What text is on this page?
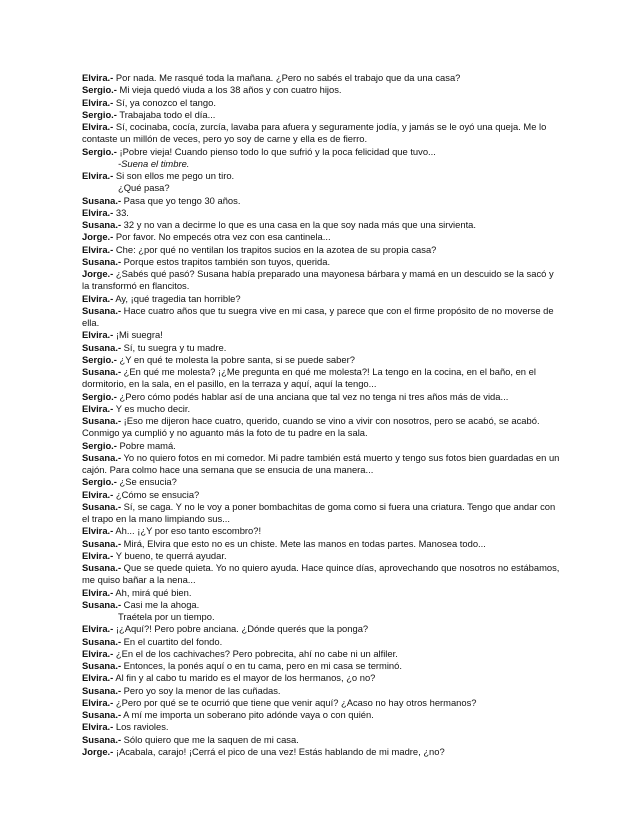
Elvira.- Por nada. Me rasqué toda la mañana. ¿Pero no sabés el trabajo que da una casa?

Sergio.- Mi vieja quedó viuda a los 38 años y con cuatro hijos.

Elvira.- Sí, ya conozco el tango.

Sergio.- Trabajaba todo el día...

Elvira.- Sí, cocinaba, cocía, zurcía, lavaba para afuera y seguramente jodía, y jamás se le oyó una queja. Me lo contaste un millón de veces, pero yo soy de carne y ella es de fierro.

Sergio.- ¡Pobre vieja! Cuando pienso todo lo que sufrió y la poca felicidad que tuvo...

-Suena el timbre.

Elvira.- Si son ellos me pego un tiro.

¿Qué pasa?

Susana.- Pasa que yo tengo 30 años.

Elvira.- 33.

Susana.- 32 y no van a decirme lo que es una casa en la que soy nada más que una sirvienta.

Jorge.- Por favor. No empecés otra vez con esa cantinela...

Elvira.- Che: ¿por qué no ventilan los trapitos sucios en la azotea de su propia casa?

Susana.- Porque estos trapitos también son tuyos, querida.

Jorge.- ¿Sabés qué pasó? Susana había preparado una mayonesa bárbara y mamá en un descuido se la sacó y la transformó en flancitos.

Elvira.- Ay, ¡qué tragedia tan horrible?

Susana.- Hace cuatro años que tu suegra vive en mi casa, y parece que con el firme propósito de no moverse de ella.

Elvira.- ¡Mi suegra!

Susana.- Sí, tu suegra y tu madre.

Sergio.- ¿Y en qué te molesta la pobre santa, si se puede saber?

Susana.- ¿En qué me molesta? ¡¿Me pregunta en qué me molesta?! La tengo en la cocina, en el baño, en el dormitorio, en la sala, en el pasillo, en la terraza y aquí, aquí la tengo...

Sergio.- ¿Pero cómo podés hablar así de una anciana que tal vez no tenga ni tres años más de vida...

Elvira.- Y es mucho decir.

Susana.- ¡Eso me dijeron hace cuatro, querido, cuando se vino a vivir con nosotros, pero se acabó, se acabó. Conmigo ya cumplió y no aguanto más la foto de tu padre en la sala.

Sergio.- Pobre mamá.

Susana.- Yo no quiero fotos en mi comedor. Mi padre también está muerto y tengo sus fotos bien guardadas en un cajón. Para colmo hace una semana que se ensucia de una manera...

Sergio.- ¿Se ensucia?

Elvira.- ¿Cómo se ensucia?

Susana.- Sí, se caga. Y no le voy a poner bombachitas de goma como si fuera una criatura. Tengo que andar con el trapo en la mano limpiando sus...

Elvira.- Ah... ¡¿Y por eso tanto escombro?!

Susana.- Mirá, Elvira que esto no es un chiste. Mete las manos en todas partes. Manosea todo...

Elvira.- Y bueno, te querrá ayudar.

Susana.- Que se quede quieta. Yo no quiero ayuda. Hace quince días, aprovechando que nosotros no estábamos, me quiso bañar a la nena...

Elvira.- Ah, mirá qué bien.

Susana.- Casi me la ahoga.

Traétela por un tiempo.

Elvira.- ¡¿Aquí?! Pero pobre anciana. ¿Dónde querés que la ponga?

Susana.- En el cuartito del fondo.

Elvira.- ¿En el de los cachivaches? Pero pobrecita, ahí no cabe ni un alfiler.

Susana.- Entonces, la ponés aquí o en tu cama, pero en mi casa se terminó.

Elvira.- Al fin y al cabo tu marido es el mayor de los hermanos, ¿o no?

Susana.- Pero yo soy la menor de las cuñadas.

Elvira.- ¿Pero por qué se te ocurrió que tiene que venir aquí? ¿Acaso no hay otros hermanos?

Susana.- A mí me importa un soberano pito adónde vaya o con quién.

Elvira.- Los ravioles.

Susana.- Sólo quiero que me la saquen de mi casa.

Jorge.- ¡Acabala, carajo! ¡Cerrá el pico de una vez! Estás hablando de mi madre, ¿no?
